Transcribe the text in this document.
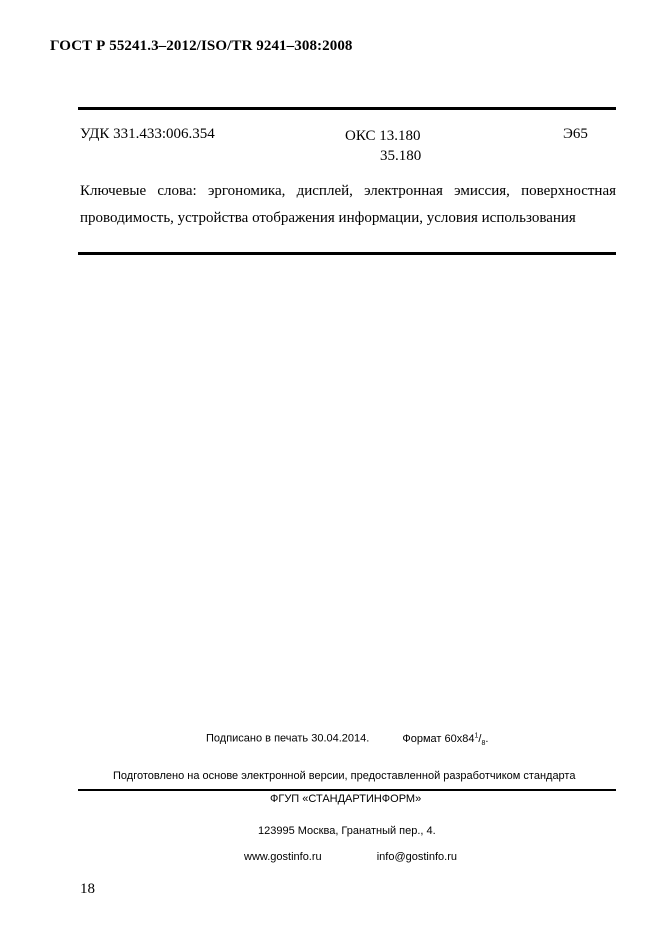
ГОСТ Р 55241.3–2012/ISO/TR 9241–308:2008
УДК 331.433:006.354	ОКС 13.180
35.180
Э65
Ключевые слова: эргономика, дисплей, электронная эмиссия, поверхностная проводимость, устройства отображения информации, условия использования
Подписано в печать 30.04.2014.	Формат $60x84^1/_8$.
Подготовлено на основе электронной версии, предоставленной разработчиком стандарта
ФГУП «СТАНДАРТИНФОРМ»
123995 Москва, Гранатный пер., 4.
www.gostinfo.ru	info@gostinfo.ru
18
